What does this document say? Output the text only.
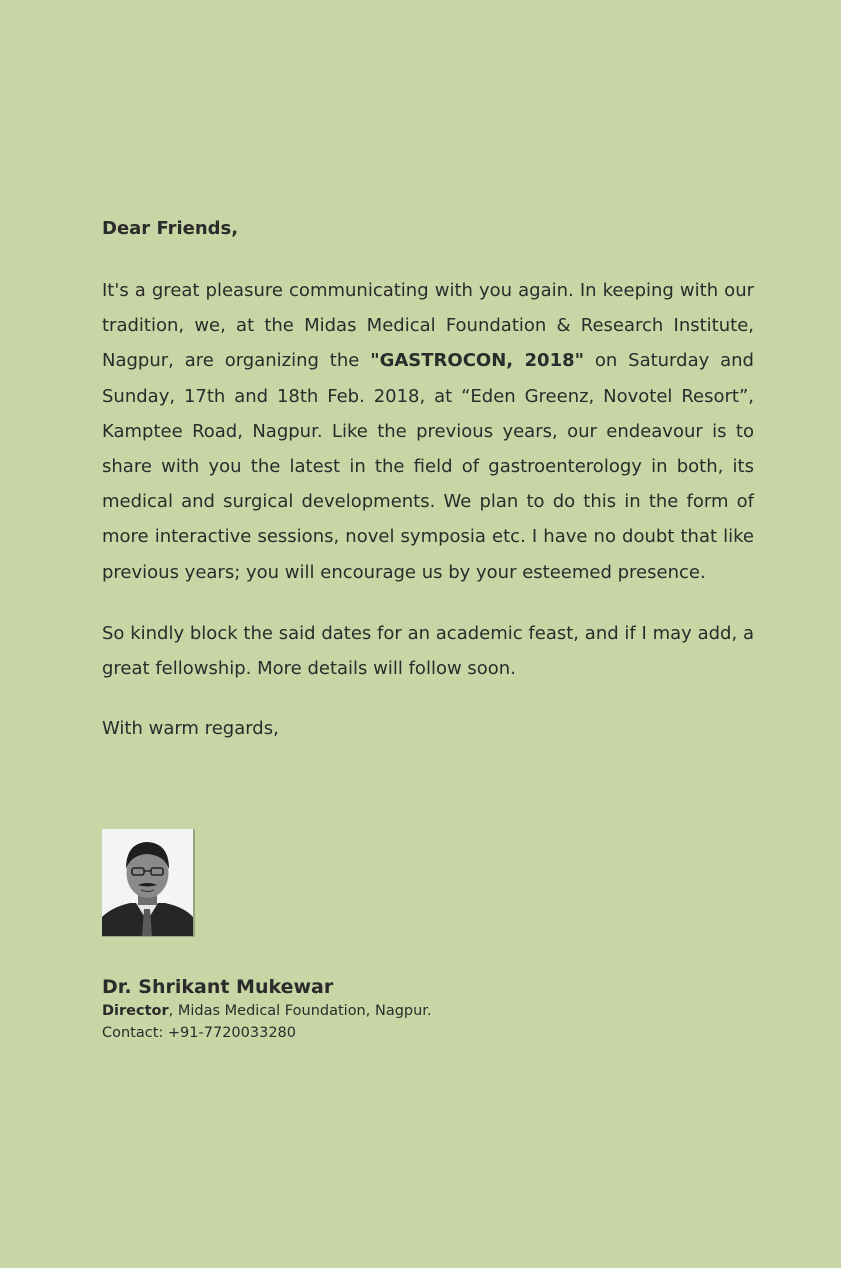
Dear Friends,

It's a great pleasure communicating with you again. In keeping with our tradition, we, at the Midas Medical Foundation & Research Institute, Nagpur, are organizing the "GASTROCON, 2018" on Saturday and Sunday, 17th and 18th Feb. 2018, at “Eden Greenz, Novotel Resort”, Kamptee Road, Nagpur. Like the previous years, our endeavour is to share with you the latest in the field of gastroenterology in both, its medical and surgical developments. We plan to do this in the form of more interactive sessions, novel symposia etc. I have no doubt that like previous years; you will encourage us by your esteemed presence.

So kindly block the said dates for an academic feast, and if I may add, a great fellowship. More details will follow soon.

With warm regards,

Dr. Shrikant Mukewar

Director, Midas Medical Foundation, Nagpur.

Contact: +91-7720033280
